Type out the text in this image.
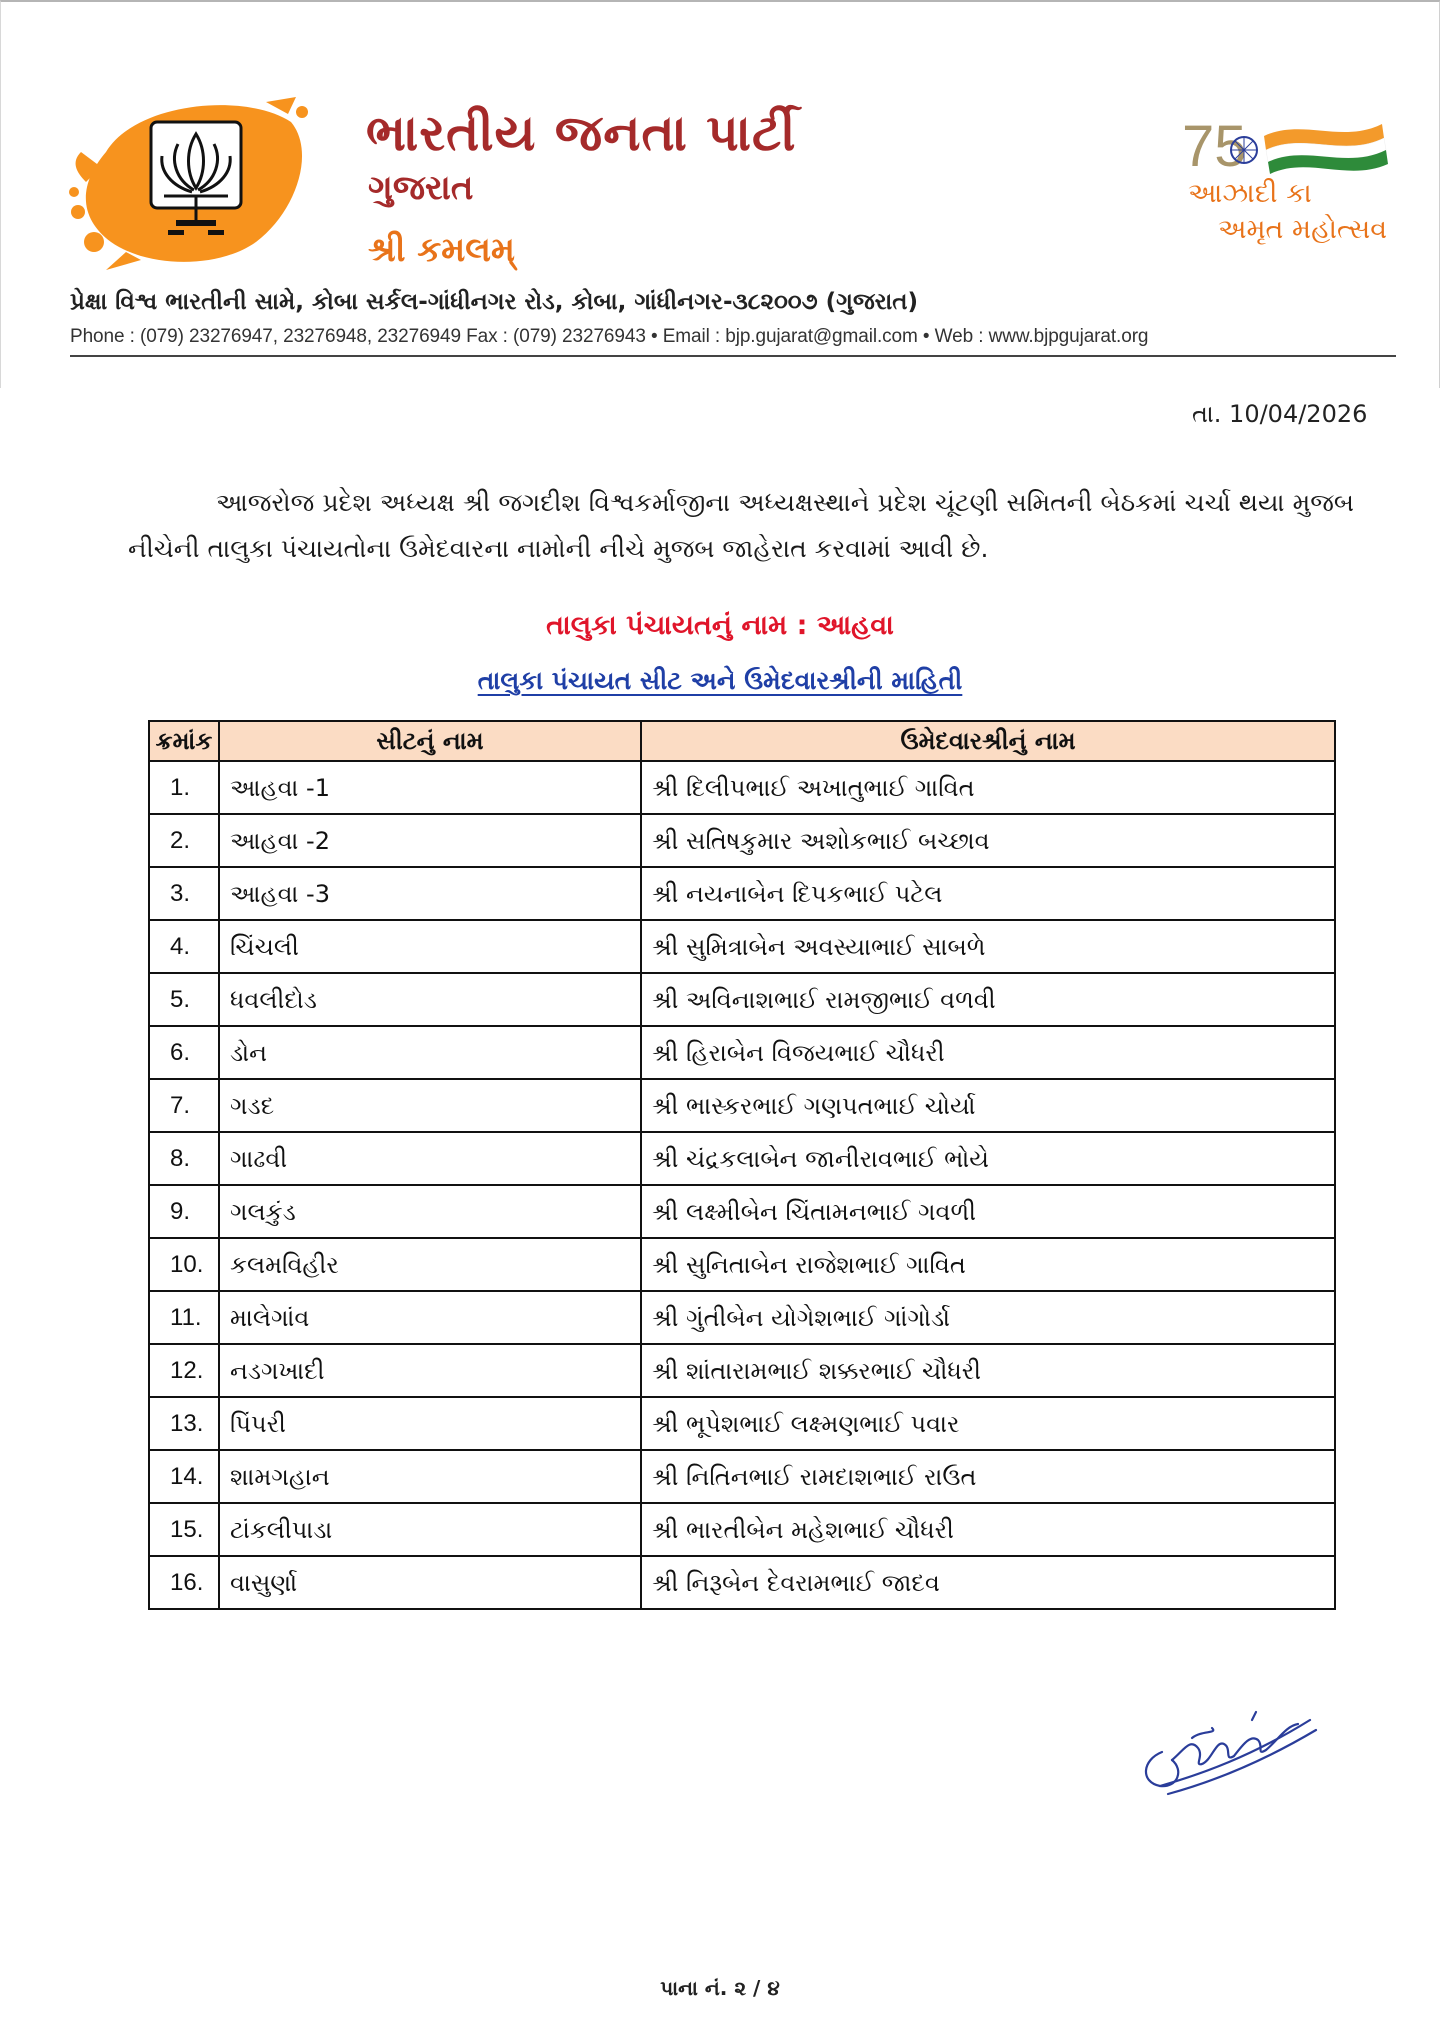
ભારતીય જનતા પાર્ટી
ગુજરાત
શ્રી કમલમ્
75
આઝાદી કા
અમૃત મહોત્સવ
પ્રેક્ષા વિશ્વ ભારતીની સામે, કોબા સર્કલ-ગાંધીનગર રોડ, કોબા, ગાંધીનગર-૩૮૨૦૦૭ (ગુજરાત)
Phone : (079) 23276947, 23276948, 23276949 Fax : (079) 23276943 • Email : bjp.gujarat@gmail.com • Web : www.bjpgujarat.org
તા. 10/04/2026

આજરોજ પ્રદેશ અધ્યક્ષ શ્રી જગદીશ વિશ્વકર્માજીના અધ્યક્ષસ્થાને પ્રદેશ ચૂંટણી સમિતની બેઠકમાં ચર્ચા થયા મુજબ નીચેની તાલુકા પંચાયતોના ઉમેદવારના નામોની નીચે મુજબ જાહેરાત કરવામાં આવી છે.

તાલુકા પંચાયતનું નામ : આહવા
તાલુકા પંચાયત સીટ અને ઉમેદવારશ્રીની માહિતી
ક્રમાંક	સીટનું નામ	ઉમેદવારશ્રીનું નામ
1.	આહવા -1	શ્રી દિલીપભાઈ અખાતુભાઈ ગાવિત
2.	આહવા -2	શ્રી સતિષકુમાર અશોકભાઈ બચ્છાવ
3.	આહવા -3	શ્રી નયનાબેન દિપકભાઈ પટેલ
4.	ચિંચલી	શ્રી સુમિત્રાબેન અવસ્યાભાઈ સાબળે
5.	ધવલીદોડ	શ્રી અવિનાશભાઈ રામજીભાઈ વળવી
6.	ડોન	શ્રી હિરાબેન વિજયભાઈ ચૌધરી
7.	ગડદ	શ્રી ભાસ્કરભાઈ ગણપતભાઈ ચોર્યા
8.	ગાઢવી	શ્રી ચંદ્રકલાબેન જાનીરાવભાઈ ભોયે
9.	ગલકુંડ	શ્રી લક્ષ્મીબેન ચિંતામનભાઈ ગવળી
10.	કલમવિહીર	શ્રી સુનિતાબેન રાજેશભાઈ ગાવિત
11.	માલેગાંવ	શ્રી ગુંતીબેન યોગેશભાઈ ગાંગોર્ડા
12.	નડગખાદી	શ્રી શાંતારામભાઈ શક્કરભાઈ ચૌધરી
13.	પિંપરી	શ્રી ભૂપેશભાઈ લક્ષ્મણભાઈ પવાર
14.	શામગહાન	શ્રી નિતિનભાઈ રામદાશભાઈ રાઉત
15.	ટાંકલીપાડા	શ્રી ભારતીબેન મહેશભાઈ ચૌધરી
16.	વાસુર્ણા	શ્રી નિરૂબેન દેવરામભાઈ જાદવ
પાના નં. ૨ / ૪
